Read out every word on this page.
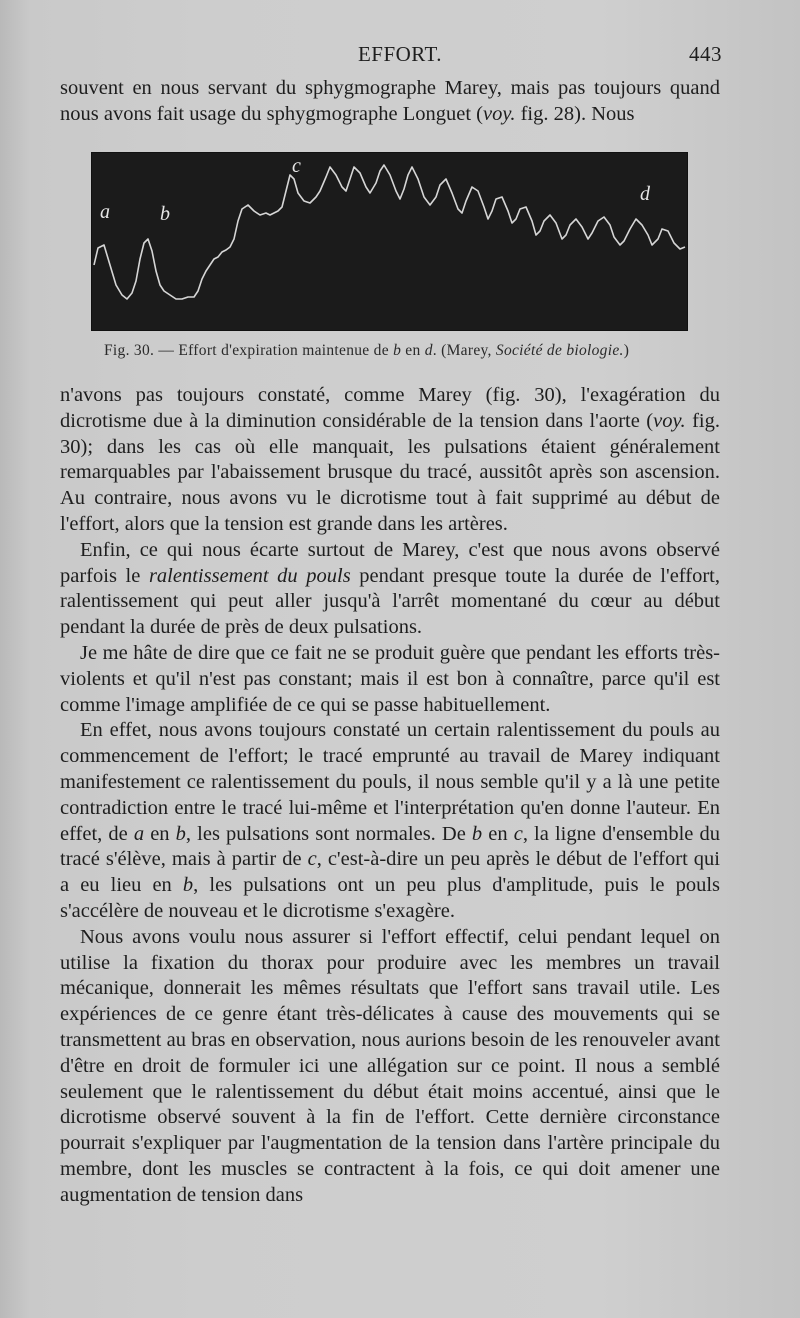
EFFORT.	443

souvent en nous servant du sphygmographe Marey, mais pas toujours quand nous avons fait usage du sphygmographe Longuet (voy. fig. 28). Nous

a	b
c
d
Fig. 30. — Effort d'expiration maintenue de b en d. (Marey, Société de biologie.)

n'avons pas toujours constaté, comme Marey (fig. 30), l'exagération du dicrotisme due à la diminution considérable de la tension dans l'aorte (voy. fig. 30); dans les cas où elle manquait, les pulsations étaient généralement remarquables par l'abaissement brusque du tracé, aussitôt après son ascension. Au contraire, nous avons vu le dicrotisme tout à fait supprimé au début de l'effort, alors que la tension est grande dans les artères.

Enfin, ce qui nous écarte surtout de Marey, c'est que nous avons observé parfois le ralentissement du pouls pendant presque toute la durée de l'effort, ralentissement qui peut aller jusqu'à l'arrêt momentané du cœur au début pendant la durée de près de deux pulsations.

Je me hâte de dire que ce fait ne se produit guère que pendant les efforts très-violents et qu'il n'est pas constant; mais il est bon à connaître, parce qu'il est comme l'image amplifiée de ce qui se passe habituellement.

En effet, nous avons toujours constaté un certain ralentissement du pouls au commencement de l'effort; le tracé emprunté au travail de Marey indiquant manifestement ce ralentissement du pouls, il nous semble qu'il y a là une petite contradiction entre le tracé lui-même et l'interprétation qu'en donne l'auteur. En effet, de a en b, les pulsations sont normales. De b en c, la ligne d'ensemble du tracé s'élève, mais à partir de c, c'est-à-dire un peu après le début de l'effort qui a eu lieu en b, les pulsations ont un peu plus d'amplitude, puis le pouls s'accélère de nouveau et le dicrotisme s'exagère.

Nous avons voulu nous assurer si l'effort effectif, celui pendant lequel on utilise la fixation du thorax pour produire avec les membres un travail mécanique, donnerait les mêmes résultats que l'effort sans travail utile. Les expériences de ce genre étant très-délicates à cause des mouvements qui se transmettent au bras en observation, nous aurions besoin de les renouveler avant d'être en droit de formuler ici une allégation sur ce point. Il nous a semblé seulement que le ralentissement du début était moins accentué, ainsi que le dicrotisme observé souvent à la fin de l'effort. Cette dernière circonstance pourrait s'expliquer par l'augmentation de la tension dans l'artère principale du membre, dont les muscles se contractent à la fois, ce qui doit amener une augmentation de tension dans
